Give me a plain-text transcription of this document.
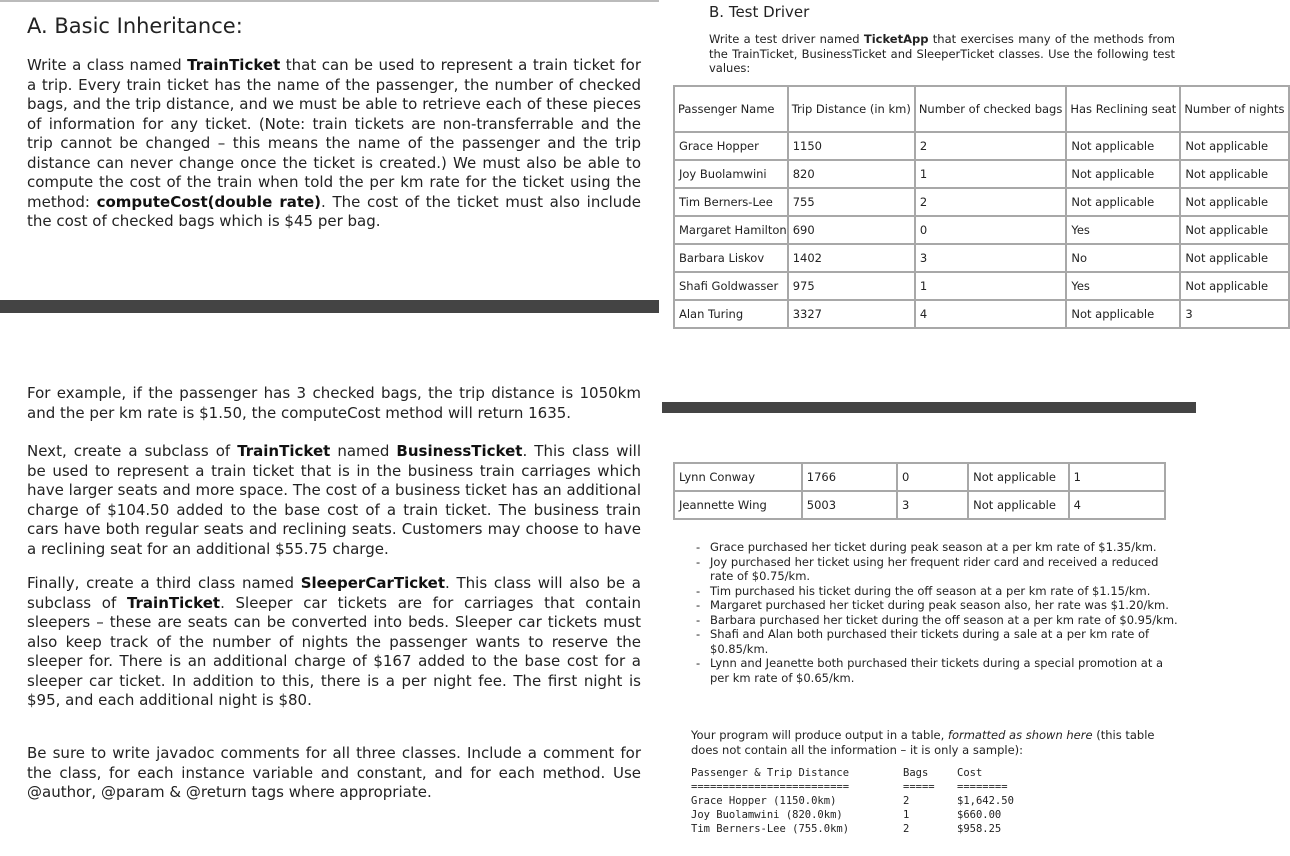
A. Basic Inheritance:
Write a class named TrainTicket that can be used to represent a train ticket for a trip. Every train ticket has the name of the passenger, the number of checked bags, and the trip distance, and we must be able to retrieve each of these pieces of information for any ticket. (Note: train tickets are non-transferrable and the trip cannot be changed – this means the name of the passenger and the trip distance can never change once the ticket is created.) We must also be able to compute the cost of the train when told the per km rate for the ticket using the method: computeCost(double rate). The cost of the ticket must also include the cost of checked bags which is $45 per bag.
For example, if the passenger has 3 checked bags, the trip distance is 1050km and the per km rate is $1.50, the computeCost method will return 1635.
Next, create a subclass of TrainTicket named BusinessTicket. This class will be used to represent a train ticket that is in the business train carriages which have larger seats and more space. The cost of a business ticket has an additional charge of $104.50 added to the base cost of a train ticket. The business train cars have both regular seats and reclining seats. Customers may choose to have a reclining seat for an additional $55.75 charge.
Finally, create a third class named SleeperCarTicket. This class will also be a subclass of TrainTicket. Sleeper car tickets are for carriages that contain sleepers – these are seats can be converted into beds. Sleeper car tickets must also keep track of the number of nights the passenger wants to reserve the sleeper for. There is an additional charge of $167 added to the base cost for a sleeper car ticket. In addition to this, there is a per night fee. The first night is $95, and each additional night is $80.
Be sure to write javadoc comments for all three classes. Include a comment for the class, for each instance variable and constant, and for each method. Use @author, @param & @return tags where appropriate.
B. Test Driver
Write a test driver named TicketApp that exercises many of the methods from the TrainTicket, BusinessTicket and SleeperTicket classes. Use the following test values:
Passenger Name	Trip Distance (in km)	Number of checked bags	Has Reclining seat	Number of nights
Grace Hopper	1150	2	Not applicable	Not applicable
Joy Buolamwini	820	1	Not applicable	Not applicable
Tim Berners-Lee	755	2	Not applicable	Not applicable
Margaret Hamilton	690	0	Yes	Not applicable
Barbara Liskov	1402	3	No	Not applicable
Shafi Goldwasser	975	1	Yes	Not applicable
Alan Turing	3327	4	Not applicable	3
Lynn Conway	1766	0	Not applicable	1
Jeannette Wing	5003	3	Not applicable	4
- Grace purchased her ticket during peak season at a per km rate of $1.35/km.
- Joy purchased her ticket using her frequent rider card and received a reduced rate of $0.75/km.
- Tim purchased his ticket during the off season at a per km rate of $1.15/km.
- Margaret purchased her ticket during peak season also, her rate was $1.20/km.
- Barbara purchased her ticket during the off season at a per km rate of $0.95/km.
- Shafi and Alan both purchased their tickets during a sale at a per km rate of $0.85/km.
- Lynn and Jeanette both purchased their tickets during a special promotion at a per km rate of $0.65/km.
Your program will produce output in a table, formatted as shown here (this table does not contain all the information – it is only a sample):
Passenger & Trip Distance	Bags	Cost
=========================	===== ========
Grace Hopper (1150.0km)	2	$1,642.50
Joy Buolamwini (820.0km)	1	$660.00
Tim Berners-Lee (755.0km)	2	$958.25
